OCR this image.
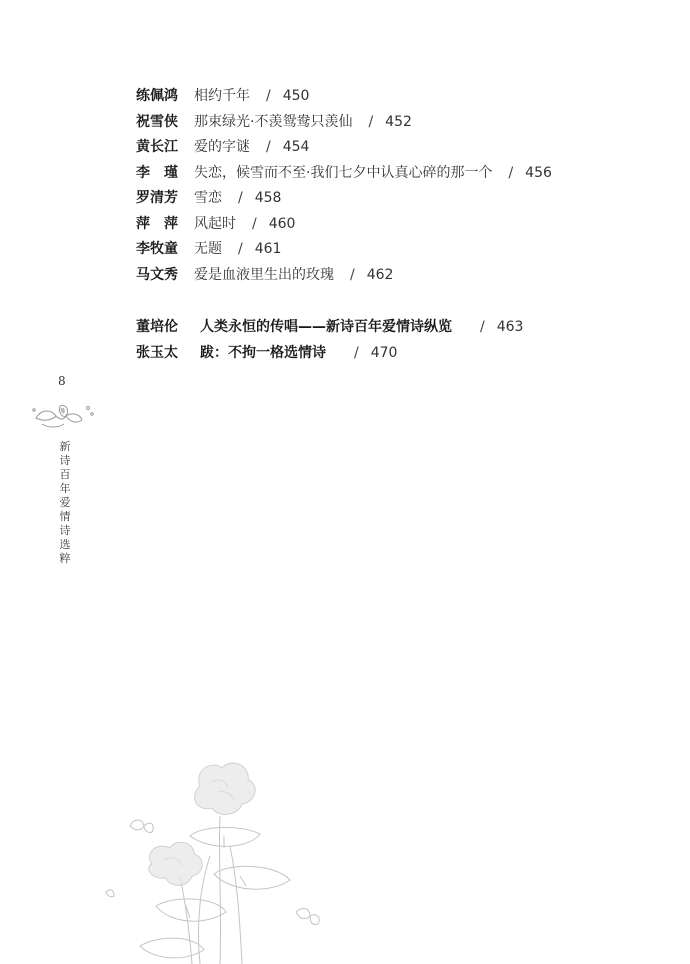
练佩鸿 相约千年 / 450
祝雪侠 那束绿光·不羡鸳鸯只羡仙 / 452
黄长江 爱的字谜 / 454
李　瑾 失恋，候雪而不至·我们七夕中认真心碎的那一个 / 456
罗清芳 雪恋 / 458
萍　萍 风起时 / 460
李牧童 无题 / 461
马文秀 爱是血液里生出的玫瑰 / 462
董培伦 人类永恒的传唱——新诗百年爱情诗纵览 / 463
张玉太 跋：不拘一格选情诗 / 470
8
新
诗
百
年
爱
情
诗
选
粹
